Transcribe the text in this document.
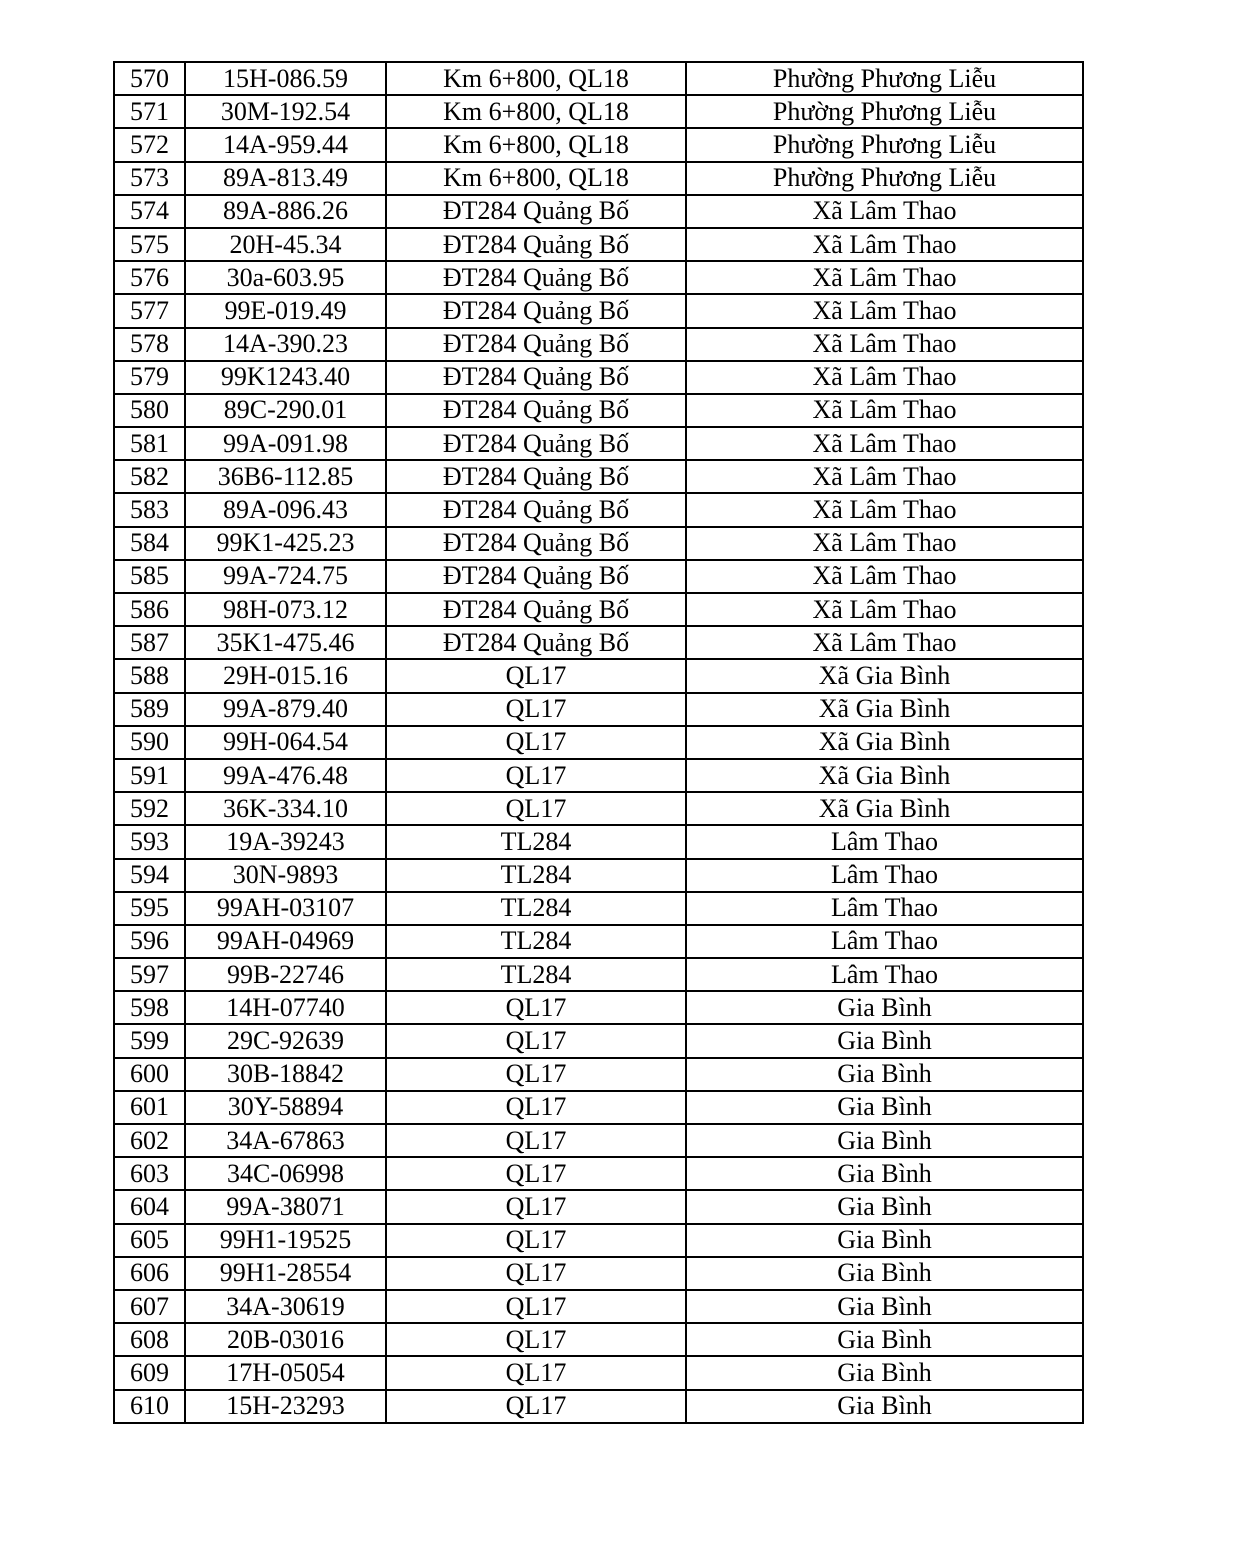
570	15H-086.59	Km 6+800, QL18	Phường Phương Liễu
571	30M-192.54	Km 6+800, QL18	Phường Phương Liễu
572	14A-959.44	Km 6+800, QL18	Phường Phương Liễu
573	89A-813.49	Km 6+800, QL18	Phường Phương Liễu
574	89A-886.26	ĐT284 Quảng Bố	Xã Lâm Thao
575	20H-45.34	ĐT284 Quảng Bố	Xã Lâm Thao
576	30a-603.95	ĐT284 Quảng Bố	Xã Lâm Thao
577	99E-019.49	ĐT284 Quảng Bố	Xã Lâm Thao
578	14A-390.23	ĐT284 Quảng Bố	Xã Lâm Thao
579	99K1243.40	ĐT284 Quảng Bố	Xã Lâm Thao
580	89C-290.01	ĐT284 Quảng Bố	Xã Lâm Thao
581	99A-091.98	ĐT284 Quảng Bố	Xã Lâm Thao
582	36B6-112.85	ĐT284 Quảng Bố	Xã Lâm Thao
583	89A-096.43	ĐT284 Quảng Bố	Xã Lâm Thao
584	99K1-425.23	ĐT284 Quảng Bố	Xã Lâm Thao
585	99A-724.75	ĐT284 Quảng Bố	Xã Lâm Thao
586	98H-073.12	ĐT284 Quảng Bố	Xã Lâm Thao
587	35K1-475.46	ĐT284 Quảng Bố	Xã Lâm Thao
588	29H-015.16	QL17	Xã Gia Bình
589	99A-879.40	QL17	Xã Gia Bình
590	99H-064.54	QL17	Xã Gia Bình
591	99A-476.48	QL17	Xã Gia Bình
592	36K-334.10	QL17	Xã Gia Bình
593	19A-39243	TL284	Lâm Thao
594	30N-9893	TL284	Lâm Thao
595	99AH-03107	TL284	Lâm Thao
596	99AH-04969	TL284	Lâm Thao
597	99B-22746	TL284	Lâm Thao
598	14H-07740	QL17	Gia Bình
599	29C-92639	QL17	Gia Bình
600	30B-18842	QL17	Gia Bình
601	30Y-58894	QL17	Gia Bình
602	34A-67863	QL17	Gia Bình
603	34C-06998	QL17	Gia Bình
604	99A-38071	QL17	Gia Bình
605	99H1-19525	QL17	Gia Bình
606	99H1-28554	QL17	Gia Bình
607	34A-30619	QL17	Gia Bình
608	20B-03016	QL17	Gia Bình
609	17H-05054	QL17	Gia Bình
610	15H-23293	QL17	Gia Bình
